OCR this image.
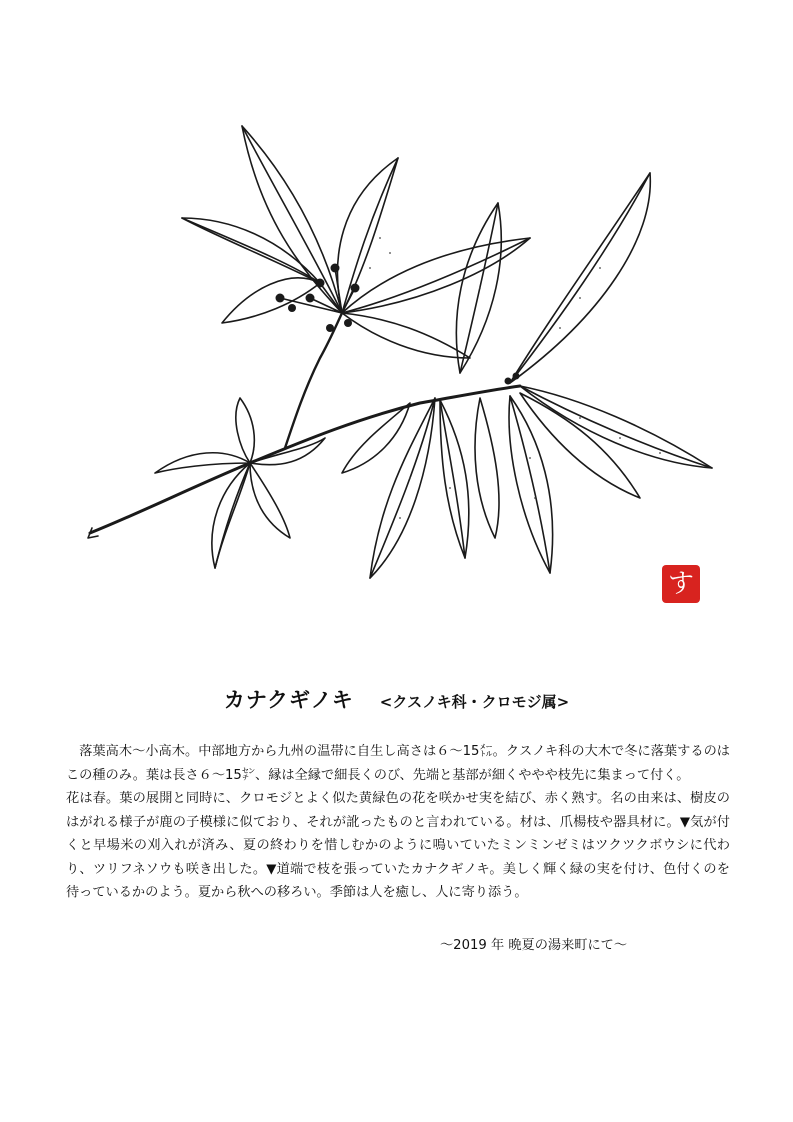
す
カナクギノキ <クスノキ科・クロモジ属>

落葉高木〜小高木。中部地方から九州の温帯に自生し高さは６〜15㍍。クスノキ科の大木で冬に落葉するのはこの種のみ。葉は長さ６〜15㌢、縁は全縁で細長くのび、先端と基部が細くややや枝先に集まって付く。

花は春。葉の展開と同時に、クロモジとよく似た黄緑色の花を咲かせ実を結び、赤く熟す。名の由来は、樹皮のはがれる様子が鹿の子模様に似ており、それが訛ったものと言われている。材は、爪楊枝や器具材に。▼気が付くと早場米の刈入れが済み、夏の終わりを惜しむかのように鳴いていたミンミンゼミはツクツクボウシに代わり、ツリフネソウも咲き出した。▼道端で枝を張っていたカナクギノキ。美しく輝く緑の実を付け、色付くのを待っているかのよう。夏から秋への移ろい。季節は人を癒し、人に寄り添う。

〜2019 年 晩夏の湯来町にて〜
